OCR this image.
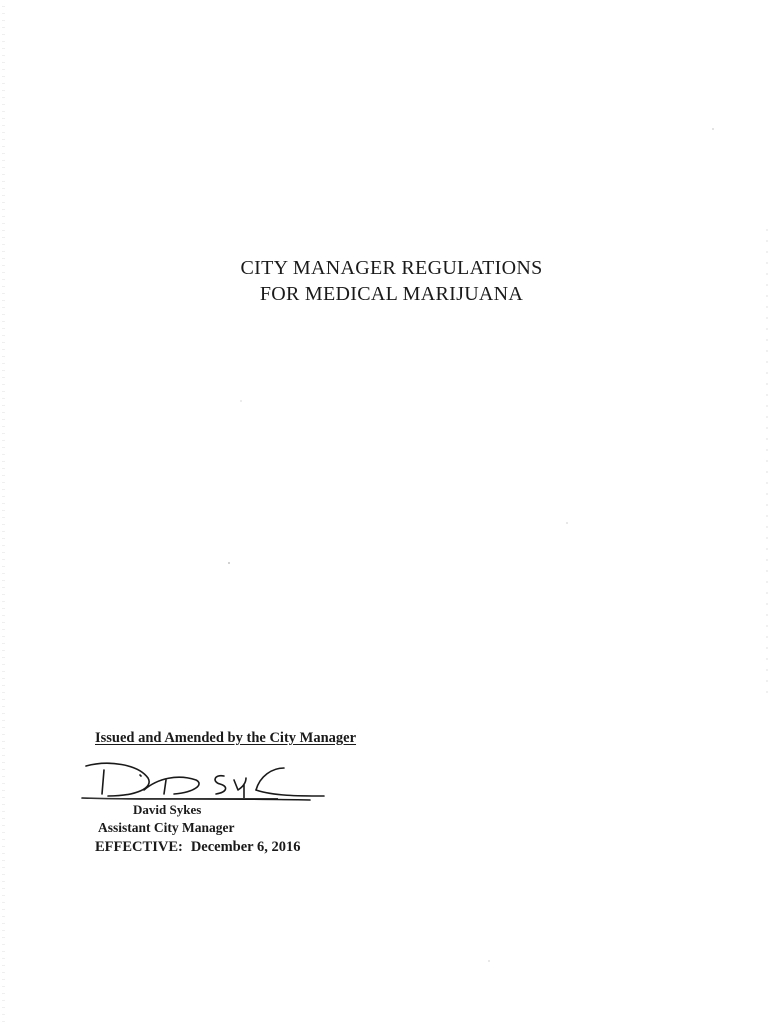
CITY MANAGER REGULATIONS

FOR MEDICAL MARIJUANA

Issued and Amended by the City Manager

David Sykes

Assistant City Manager

EFFECTIVE: December 6, 2016
